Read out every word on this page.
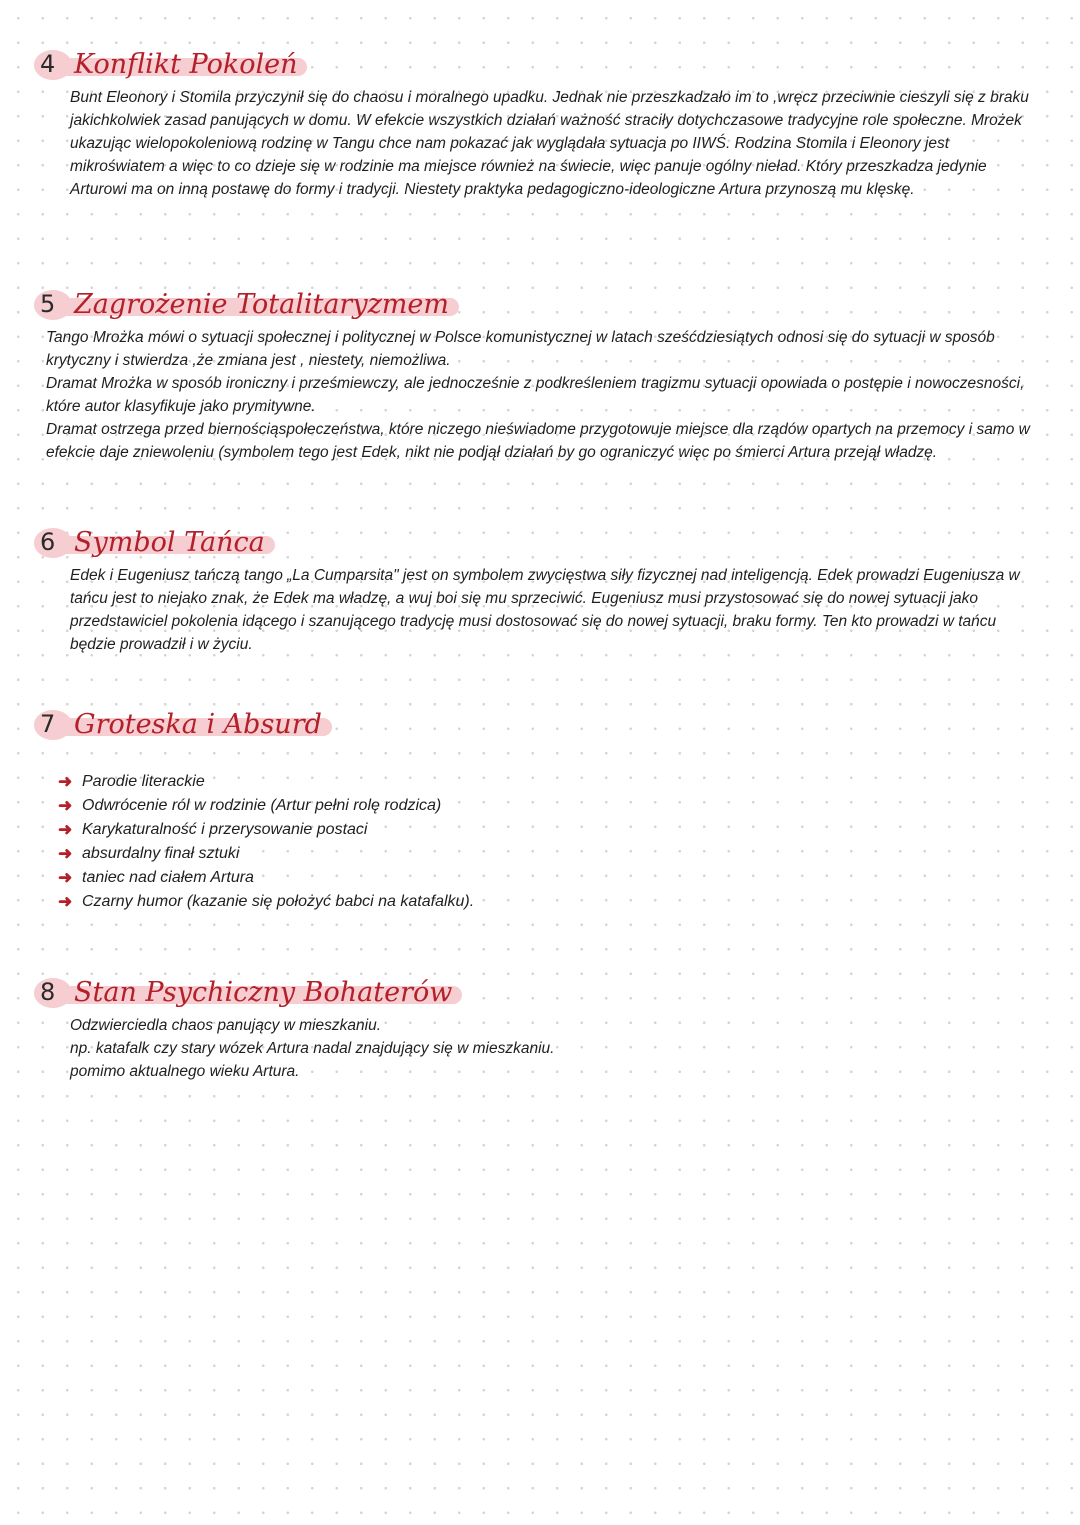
4 Konflikt Pokoleń

Bunt Eleonory i Stomila przyczynił się do chaosu i moralnego upadku. Jednak nie przeszkadzało im to ,wręcz przeciwnie cieszyli się z braku jakichkolwiek zasad panujących w domu. W efekcie wszystkich działań ważność straciły dotychczasowe tradycyjne role społeczne. Mrożek ukazując wielopokoleniową rodzinę w Tangu chce nam pokazać jak wyglądała sytuacja po IIWŚ. Rodzina Stomila i Eleonory jest mikroświatem a więc to co dzieje się w rodzinie ma miejsce również na świecie, więc panuje ogólny nieład. Który przeszkadza jedynie Arturowi ma on inną postawę do formy i tradycji. Niestety praktyka pedagogiczno-ideologiczne Artura przynoszą mu klęskę.

5 Zagrożenie Totalitaryzmem

Tango Mrożka mówi o sytuacji społecznej i politycznej w Polsce komunistycznej w latach sześćdziesiątych odnosi się do sytuacji w sposób krytyczny i stwierdza ,że zmiana jest , niestety, niemożliwa.

Dramat Mrożka w sposób ironiczny i prześmiewczy, ale jednocześnie z podkreśleniem tragizmu sytuacji opowiada o postępie i nowoczesności, które autor klasyfikuje jako prymitywne.

Dramat ostrzega przed biernościąspołeczeństwa, które niczego nieświadome przygotowuje miejsce dla rządów opartych na przemocy i samo w efekcie daje zniewoleniu (symbolem tego jest Edek, nikt nie podjął działań by go ograniczyć więc po śmierci Artura przejął władzę.

6 Symbol Tańca

Edek i Eugeniusz tańczą tango „La Cumparsita" jest on symbolem zwycięstwa siły fizycznej nad inteligencją. Edek prowadzi Eugeniusza w tańcu jest to niejako znak, że Edek ma władzę, a wuj boi się mu sprzeciwić. Eugeniusz musi przystosować się do nowej sytuacji jako przedstawiciel pokolenia idącego i szanującego tradycję musi dostosować się do nowej sytuacji, braku formy. Ten kto prowadzi w tańcu będzie prowadził i w życiu.

7 Groteska i Absurd
➜ Parodie literackie
➜ Odwrócenie ról w rodzinie (Artur pełni rolę rodzica)
➜ Karykaturalność i przerysowanie postaci
➜ absurdalny finał sztuki
➜ taniec nad ciałem Artura
➜ Czarny humor (kazanie się położyć babci na katafalku).
8 Stan Psychiczny Bohaterów

Odzwierciedla chaos panujący w mieszkaniu.

np. katafalk czy stary wózek Artura nadal znajdujący się w mieszkaniu.

pomimo aktualnego wieku Artura.
